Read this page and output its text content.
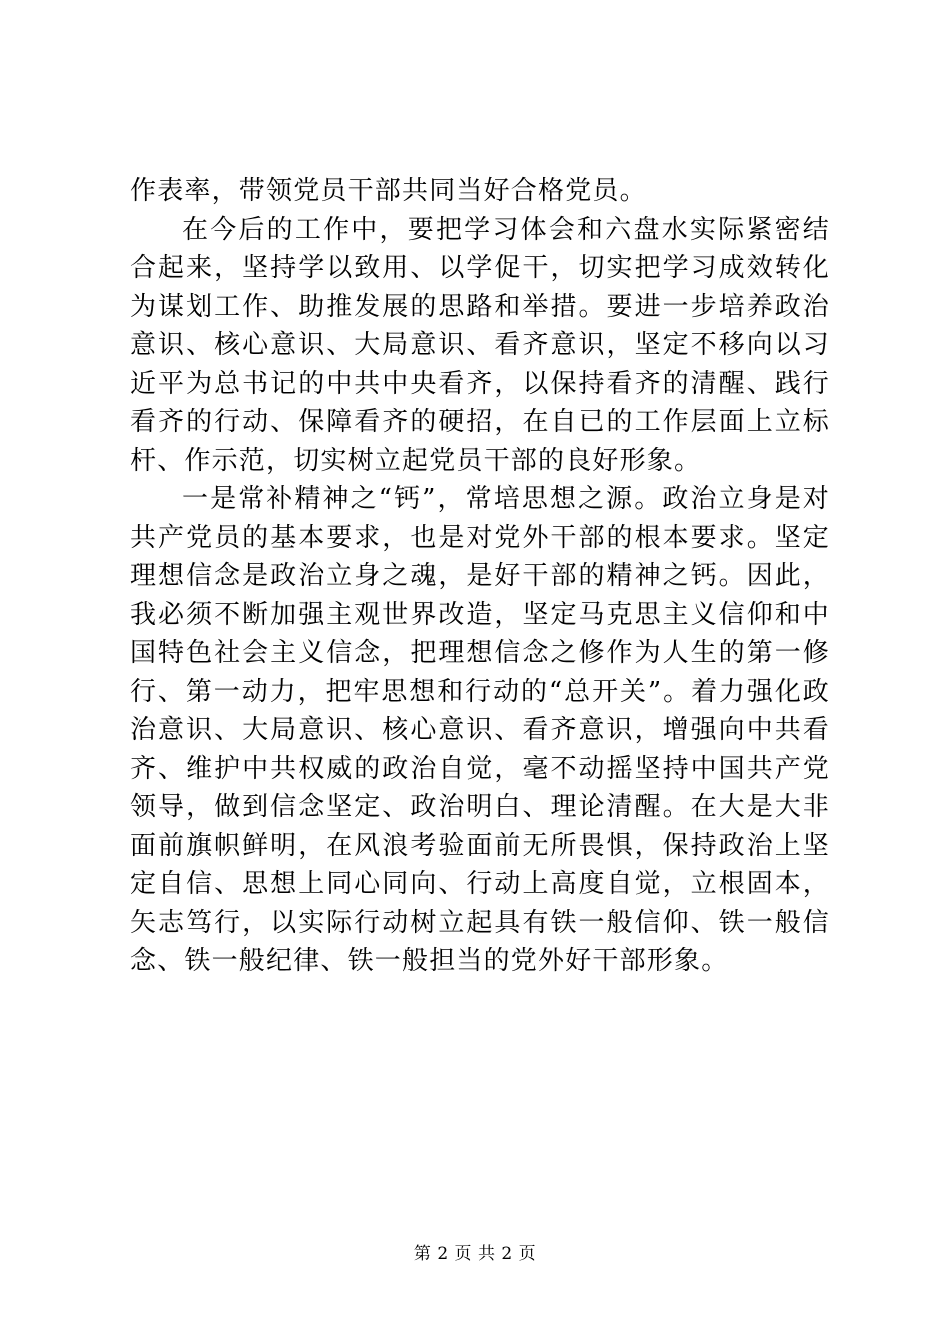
作表率，带领党员干部共同当好合格党员。

在今后的工作中，要把学习体会和六盘水实际紧密结合起来，坚持学以致用、以学促干，切实把学习成效转化为谋划工作、助推发展的思路和举措。要进一步培养政治意识、核心意识、大局意识、看齐意识，坚定不移向以习近平为总书记的中共中央看齐，以保持看齐的清醒、践行看齐的行动、保障看齐的硬招，在自已的工作层面上立标杆、作示范，切实树立起党员干部的良好形象。

一是常补精神之“钙”，常培思想之源。政治立身是对共产党员的基本要求，也是对党外干部的根本要求。坚定理想信念是政治立身之魂，是好干部的精神之钙。因此，我必须不断加强主观世界改造，坚定马克思主义信仰和中国特色社会主义信念，把理想信念之修作为人生的第一修行、第一动力，把牢思想和行动的“总开关”。着力强化政治意识、大局意识、核心意识、看齐意识，增强向中共看齐、维护中共权威的政治自觉，毫不动摇坚持中国共产党领导，做到信念坚定、政治明白、理论清醒。在大是大非面前旗帜鲜明，在风浪考验面前无所畏惧，保持政治上坚定自信、思想上同心同向、行动上高度自觉，立根固本，矢志笃行，以实际行动树立起具有铁一般信仰、铁一般信念、铁一般纪律、铁一般担当的党外好干部形象。

第 2 页 共 2 页
